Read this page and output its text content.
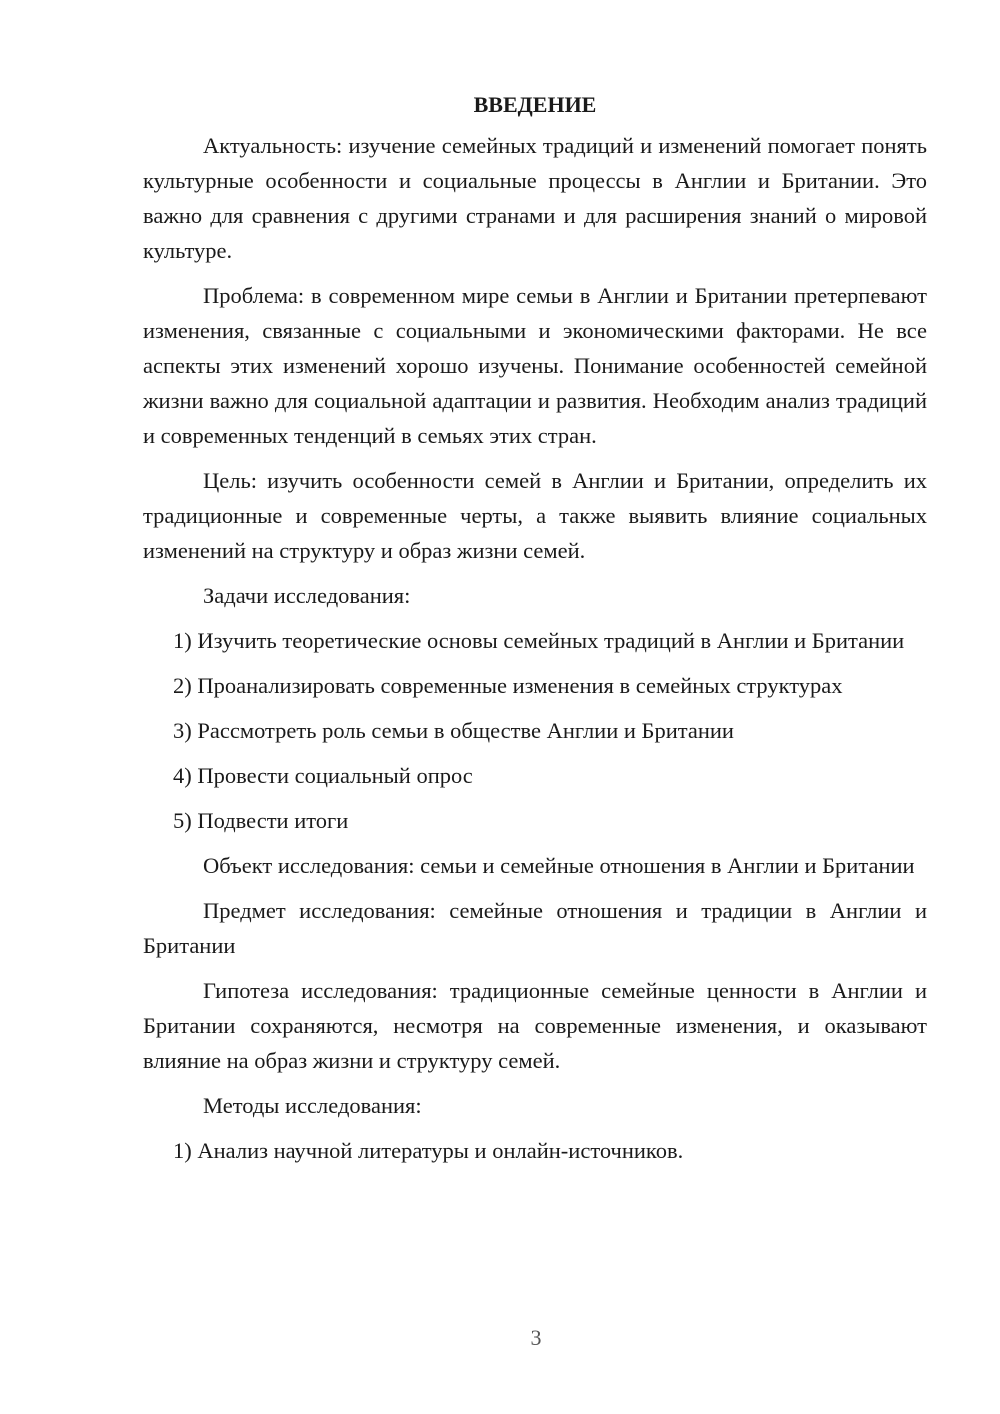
ВВЕДЕНИЕ

Актуальность: изучение семейных традиций и изменений помогает понять культурные особенности и социальные процессы в Англии и Британии. Это важно для сравнения с другими странами и для расширения знаний о мировой культуре.

Проблема: в современном мире семьи в Англии и Британии претерпевают изменения, связанные с социальными и экономическими факторами. Не все аспекты этих изменений хорошо изучены. Понимание особенностей семейной жизни важно для социальной адаптации и развития. Необходим анализ традиций и современных тенденций в семьях этих стран.

Цель: изучить особенности семей в Англии и Британии, определить их традиционные и современные черты, а также выявить влияние социальных изменений на структуру и образ жизни семей.

Задачи исследования:

1) Изучить теоретические основы семейных традиций в Англии и Британии

2) Проанализировать современные изменения в семейных структурах

3) Рассмотреть роль семьи в обществе Англии и Британии

4) Провести социальный опрос

5) Подвести итоги

Объект исследования: семьи и семейные отношения в Англии и Британии

Предмет исследования: семейные отношения и традиции в Англии и Британии

Гипотеза исследования: традиционные семейные ценности в Англии и Британии сохраняются, несмотря на современные изменения, и оказывают влияние на образ жизни и структуру семей.

Методы исследования:

1) Анализ научной литературы и онлайн-источников.

3
